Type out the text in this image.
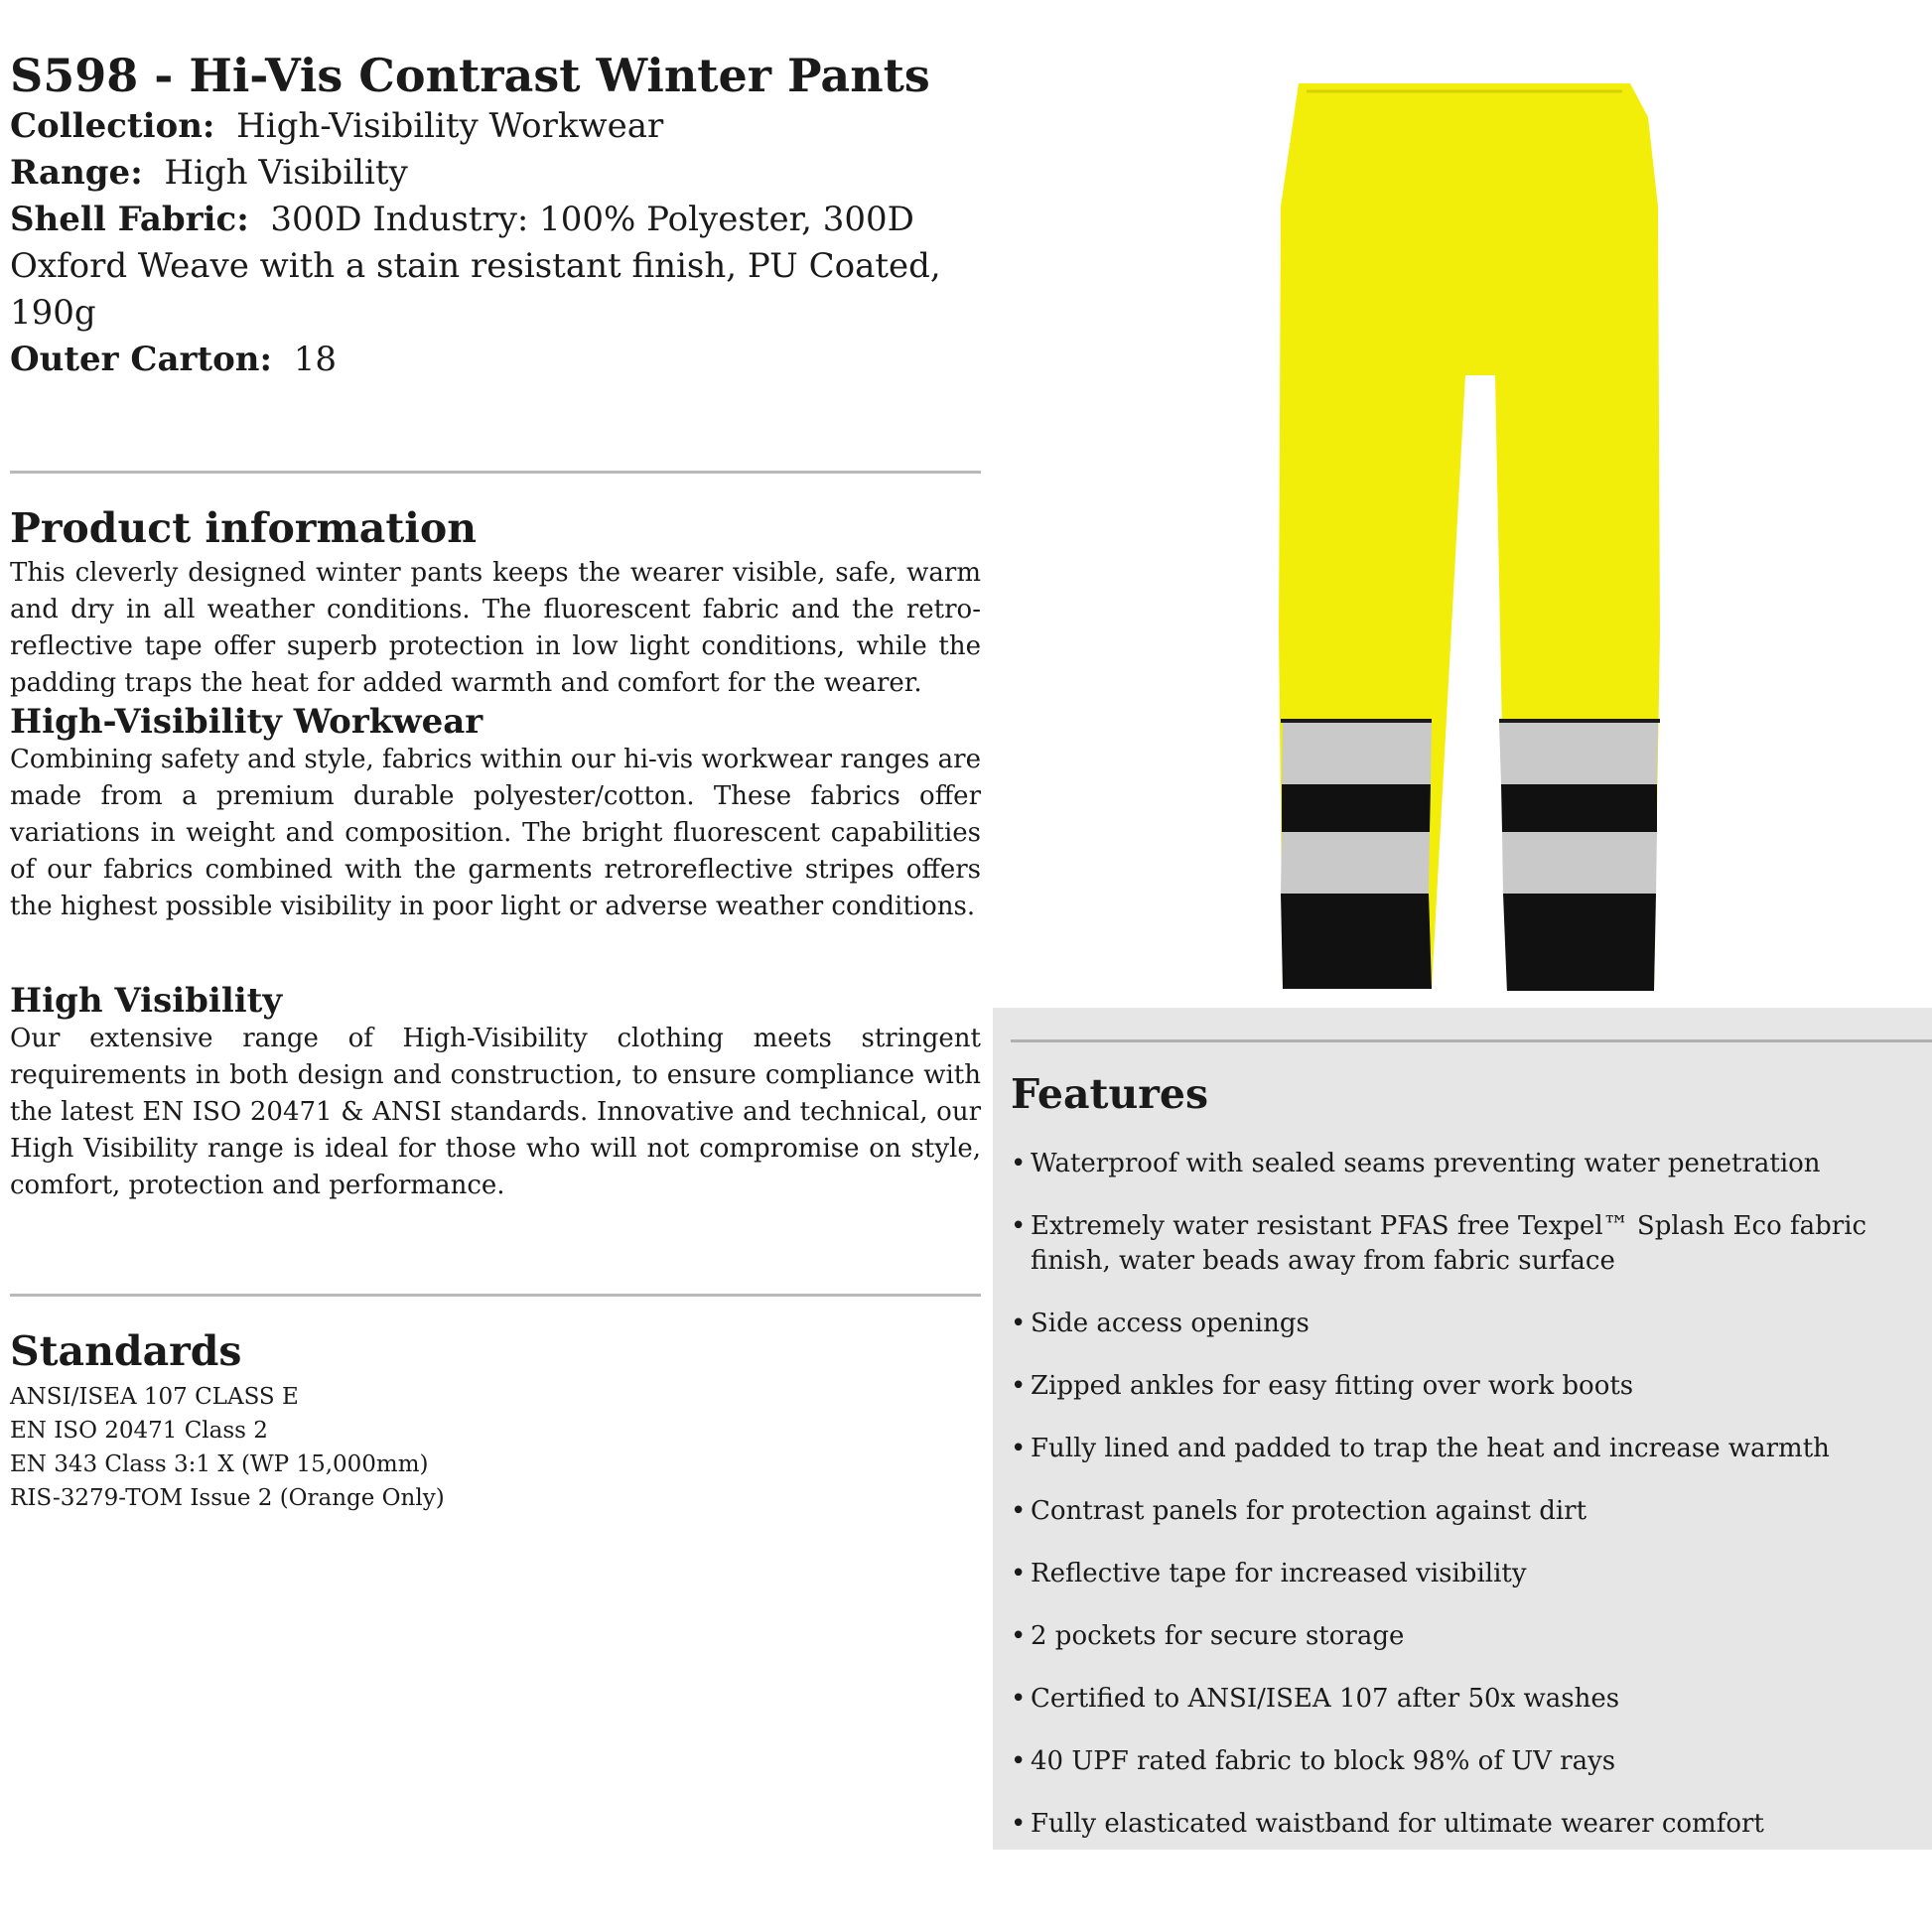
S598 - Hi-Vis Contrast Winter Pants
Collection: High-Visibility Workwear
Range: High Visibility
Shell Fabric: 300D Industry: 100% Polyester, 300D Oxford Weave with a stain resistant finish, PU Coated, 190g
Outer Carton: 18
Product information

This cleverly designed winter pants keeps the wearer visible, safe, warm and dry in all weather conditions. The fluorescent fabric and the retro-reflective tape offer superb protection in low light conditions, while the padding traps the heat for added warmth and comfort for the wearer.

High-Visibility Workwear

Combining safety and style, fabrics within our hi-vis workwear ranges are made from a premium durable polyester/cotton. These fabrics offer variations in weight and composition. The bright fluorescent capabilities of our fabrics combined with the garments retroreflective stripes offers the highest possible visibility in poor light or adverse weather conditions.

High Visibility

Our extensive range of High-Visibility clothing meets stringent requirements in both design and construction, to ensure compliance with the latest EN ISO 20471 & ANSI standards. Innovative and technical, our High Visibility range is ideal for those who will not compromise on style, comfort, protection and performance.

Standards
ANSI/ISEA 107 CLASS E
EN ISO 20471 Class 2
EN 343 Class 3:1 X (WP 15,000mm)
RIS-3279-TOM Issue 2 (Orange Only)
Features
• Waterproof with sealed seams preventing water penetration
• Extremely water resistant PFAS free Texpel™ Splash Eco fabric finish, water beads away from fabric surface
• Side access openings
• Zipped ankles for easy fitting over work boots
• Fully lined and padded to trap the heat and increase warmth
• Contrast panels for protection against dirt
• Reflective tape for increased visibility
• 2 pockets for secure storage
• Certified to ANSI/ISEA 107 after 50x washes
• 40 UPF rated fabric to block 98% of UV rays
• Fully elasticated waistband for ultimate wearer comfort
